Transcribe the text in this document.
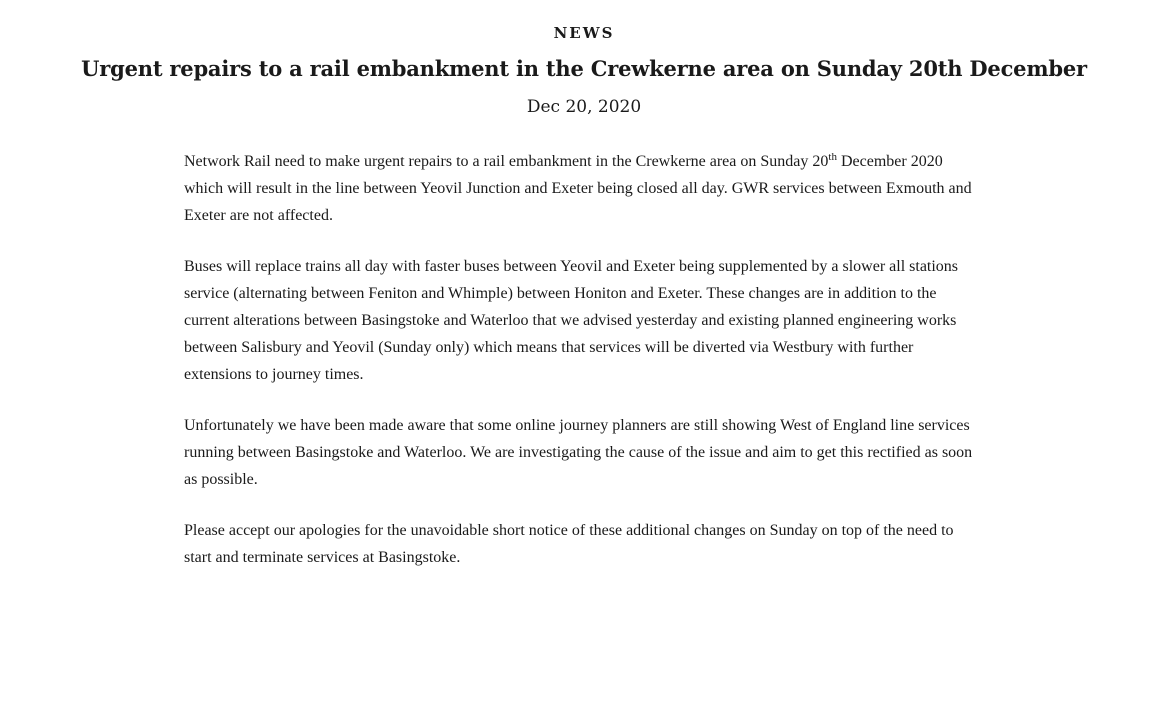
NEWS
Urgent repairs to a rail embankment in the Crewkerne area on Sunday 20th December
Dec 20, 2020

Network Rail need to make urgent repairs to a rail embankment in the Crewkerne area on Sunday 20th December 2020 which will result in the line between Yeovil Junction and Exeter being closed all day. GWR services between Exmouth and Exeter are not affected.

Buses will replace trains all day with faster buses between Yeovil and Exeter being supplemented by a slower all stations service (alternating between Feniton and Whimple) between Honiton and Exeter. These changes are in addition to the current alterations between Basingstoke and Waterloo that we advised yesterday and existing planned engineering works between Salisbury and Yeovil (Sunday only) which means that services will be diverted via Westbury with further extensions to journey times.

Unfortunately we have been made aware that some online journey planners are still showing West of England line services running between Basingstoke and Waterloo. We are investigating the cause of the issue and aim to get this rectified as soon as possible.

Please accept our apologies for the unavoidable short notice of these additional changes on Sunday on top of the need to start and terminate services at Basingstoke.
